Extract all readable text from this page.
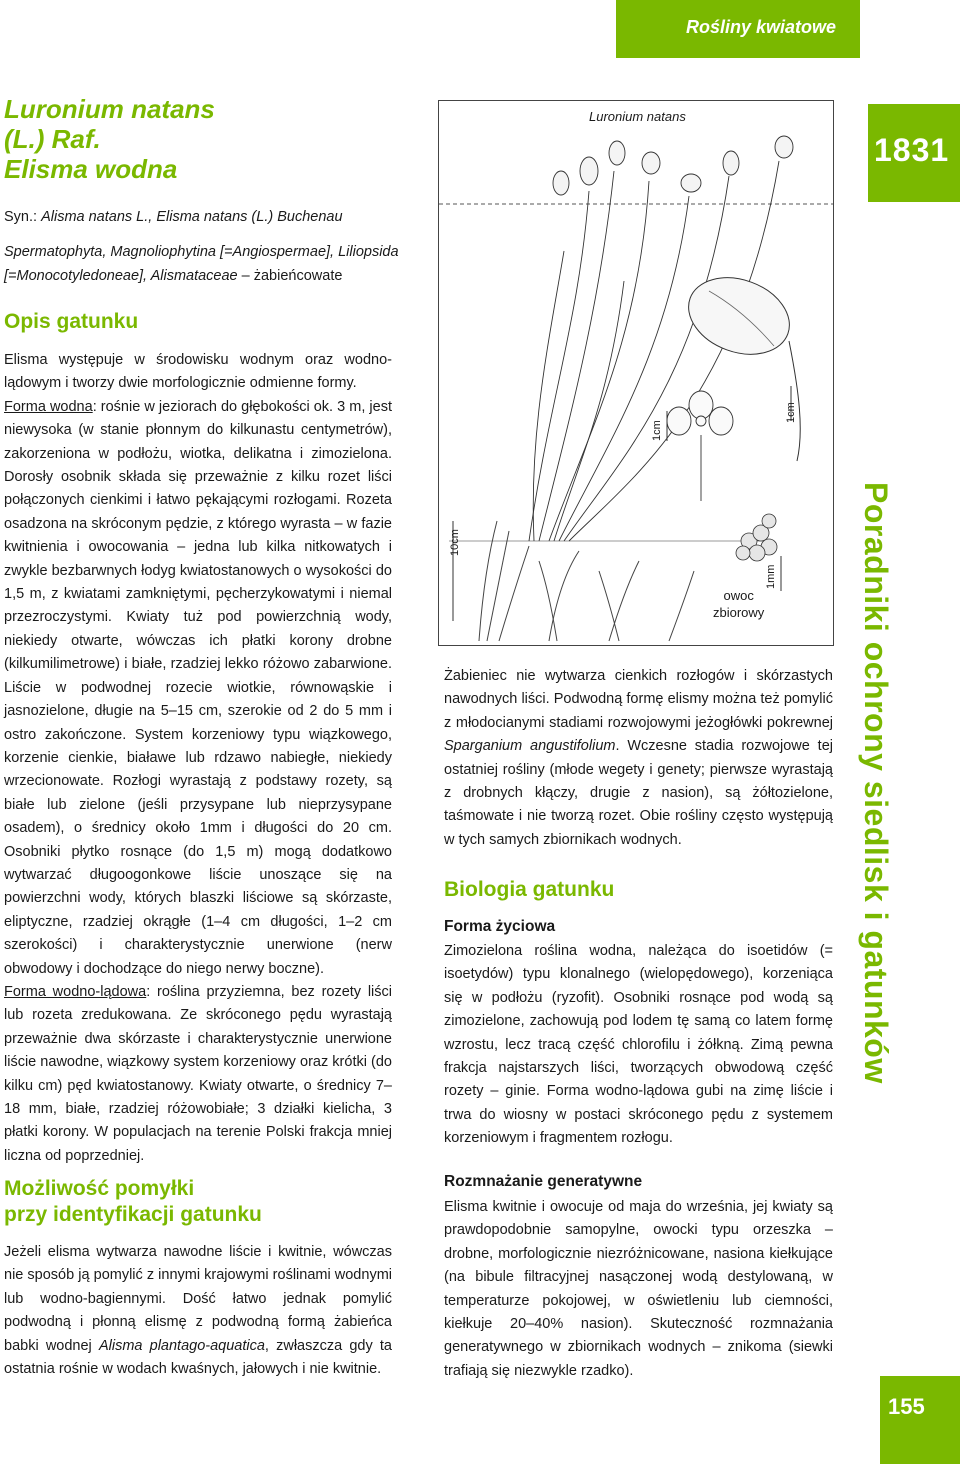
Rośliny kwiatowe
1831
Poradniki ochrony siedlisk i gatunków
155
Luronium natans
(L.) Raf.
Elisma wodna
Syn.: Alisma natans L., Elisma natans (L.) Buchenau
Spermatophyta, Magnoliophytina [=Angiospermae], Liliopsida [=Monocotyledoneae], Alismataceae – żabieńcowate
Opis gatunku

Elisma występuje w środowisku wodnym oraz wodno-lądowym i tworzy dwie morfologicznie odmienne formy.

Forma wodna: rośnie w jeziorach do głębokości ok. 3 m, jest niewysoka (w stanie płonnym do kilkunastu centymetrów), zakorzeniona w podłożu, wiotka, delikatna i zimozielona. Dorosły osobnik składa się przeważnie z kilku rozet liści połączonych cienkimi i łatwo pękającymi rozłogami. Rozeta osadzona na skróconym pędzie, z którego wyrasta – w fazie kwitnienia i owocowania – jedna lub kilka nitkowatych i zwykle bezbarwnych łodyg kwiatostanowych o wysokości do 1,5 m, z kwiatami zamkniętymi, pęcherzykowatymi i niemal przezroczystymi. Kwiaty tuż pod powierzchnią wody, niekiedy otwarte, wówczas ich płatki korony drobne (kilkumilimetrowe) i białe, rzadziej lekko różowo zabarwione. Liście w podwodnej rozecie wiotkie, równowąskie i jasnozielone, długie na 5–15 cm, szerokie od 2 do 5 mm i ostro zakończone. System korzeniowy typu wiązkowego, korzenie cienkie, białawe lub rdzawo nabiegłe, niekiedy wrzecionowate. Rozłogi wyrastają z podstawy rozety, są białe lub zielone (jeśli przysypane lub nieprzysypane osadem), o średnicy około 1mm i długości do 20 cm. Osobniki płytko rosnące (do 1,5 m) mogą dodatkowo wytwarzać długoogonkowe liście unoszące się na powierzchni wody, których blaszki liściowe są skórzaste, eliptyczne, rzadziej okrągłe (1–4 cm długości, 1–2 cm szerokości) i charakterystycznie unerwione (nerw obwodowy i dochodzące do niego nerwy boczne).

Forma wodno-lądowa: roślina przyziemna, bez rozety liści lub rozeta zredukowana. Ze skróconego pędu wyrastają przeważnie dwa skórzaste i charakterystycznie unerwione liście nawodne, wiązkowy system korzeniowy oraz krótki (do kilku cm) pęd kwiatostanowy. Kwiaty otwarte, o średnicy 7–18 mm, białe, rzadziej różowobiałe; 3 działki kielicha, 3 płatki korony. W populacjach na terenie Polski frakcja mniej liczna od poprzedniej.

Możliwość pomyłki
przy identyfikacji gatunku
Jeżeli elisma wytwarza nawodne liście i kwitnie, wówczas nie sposób ją pomylić z innymi krajowymi roślinami wodnymi lub wodno-bagiennymi. Dość łatwo jednak pomylić podwodną i płonną elismę z podwodną formą żabieńca babki wodnej Alisma plantago-aquatica, zwłaszcza gdy ta ostatnia rośnie w wodach kwaśnych, jałowych i nie kwitnie.
Luronium natans
10cm
1cm
1cm
1mm
owoc
zbiorowy
Żabieniec nie wytwarza cienkich rozłogów i skórzastych nawodnych liści. Podwodną formę elismy można też pomylić z młodocianymi stadiami rozwojowymi jeżogłówki pokrewnej Sparganium angustifolium. Wczesne stadia rozwojowe tej ostatniej rośliny (młode wegety i genety; pierwsze wyrastają z drobnych kłączy, drugie z nasion), są żółtozielone, taśmowate i nie tworzą rozet. Obie rośliny często występują w tych samych zbiornikach wodnych.
Biologia gatunku
Forma życiowa
Zimozielona roślina wodna, należąca do isoetidów (= isoetydów) typu klonalnego (wielopędowego), korzeniąca się w podłożu (ryzofit). Osobniki rosnące pod wodą są zimozielone, zachowują pod lodem tę samą co latem formę wzrostu, lecz tracą część chlorofilu i żółkną. Zimą pewna frakcja najstarszych liści, tworzących obwodową część rozety – ginie. Forma wodno-lądowa gubi na zimę liście i trwa do wiosny w postaci skróconego pędu z systemem korzeniowym i fragmentem rozłogu.
Rozmnażanie generatywne
Elisma kwitnie i owocuje od maja do września, jej kwiaty są prawdopodobnie samopylne, owocki typu orzeszka – drobne, morfologicznie niezróżnicowane, nasiona kiełkujące (na bibule filtracyjnej nasączonej wodą destylowaną, w temperaturze pokojowej, w oświetleniu lub ciemności, kiełkuje 20–40% nasion). Skuteczność rozmnażania generatywnego w zbiornikach wodnych – znikoma (siewki trafiają się niezwykle rzadko).
